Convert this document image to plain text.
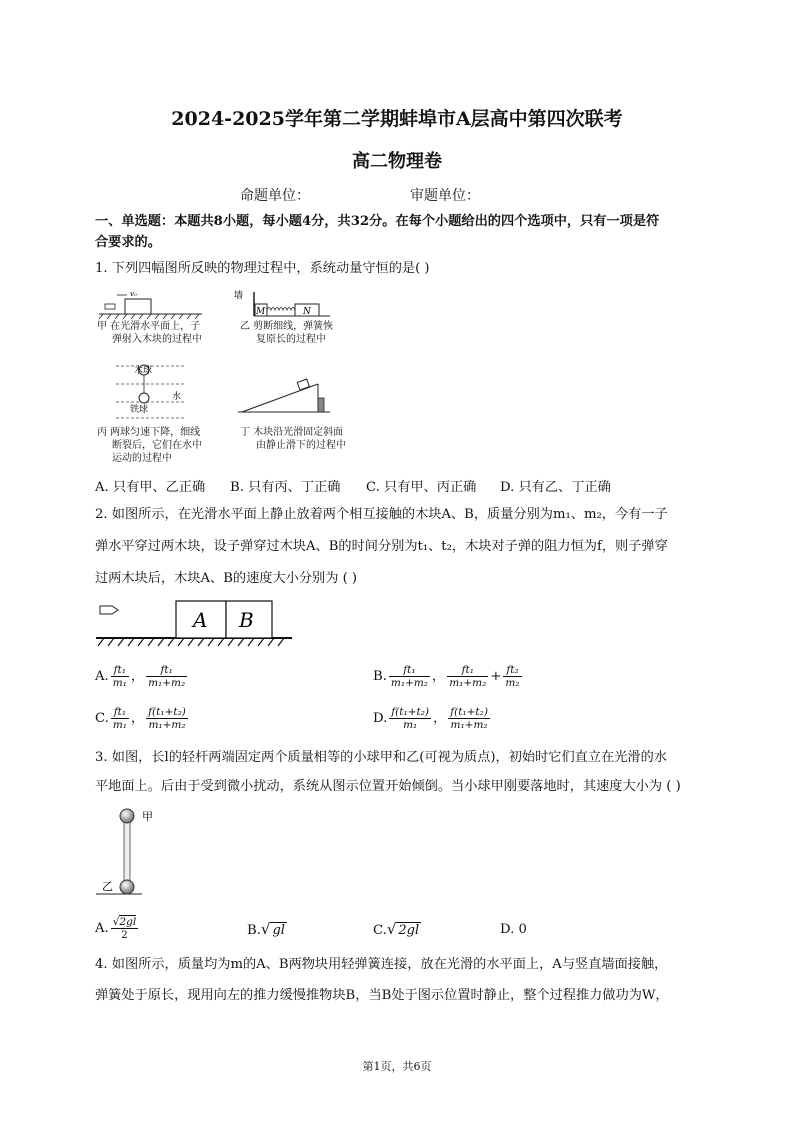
2024-2025学年第二学期蚌埠市A层高中第四次联考
高二物理卷
命题单位：	审题单位：
一、单选题：本题共8小题，每小题4分，共32分。在每个小题给出的四个选项中，只有一项是符
合要求的。
1. 下列四幅图所反映的物理过程中，系统动量守恒的是( )
v₀
甲 在光滑水平面上，子
弹射入木块的过程中
墙
M	N
乙 剪断细线，弹簧恢
复原长的过程中
木球
水
铁球
丙 两球匀速下降，细线
断裂后，它们在水中
运动的过程中
丁 木块沿光滑固定斜面
由静止滑下的过程中
A. 只有甲、乙正确 B. 只有丙、丁正确 C. 只有甲、丙正确 D. 只有乙、丁正确
2. 如图所示，在光滑水平面上静止放着两个相互接触的木块A、B，质量分别为m₁、m₂，今有一子
弹水平穿过两木块，设子弹穿过木块A、B的时间分别为t₁、t₂，木块对子弹的阻力恒为f，则子弹穿
过两木块后，木块A、B的速度大小分别为 ( )
A B
A. $\frac{\text{ft₁}}{\text{m₁}}$ ， $\frac{\text{ft₁}}{\text{m₁+m₂}}$	B. $\frac{\text{ft₁}}{\text{m₁+m₂}}$ ， $\frac{\text{ft₁}}{\text{m₁+m₂}} + \frac{\text{ft₂}}{\text{m₂}}$
C. $\frac{\text{ft₁}}{\text{m₁}}$ ， $\frac{\text{f(t₁+t₂)}}{\text{m₁+m₂}}$	D. $\frac{\text{f(t₁+t₂)}}{\text{m₁}}$ ， $\frac{\text{f(t₁+t₂)}}{\text{m₁+m₂}}$
3. 如图，长l的轻杆两端固定两个质量相等的小球甲和乙(可视为质点)，初始时它们直立在光滑的水
平地面上。后由于受到微小扰动，系统从图示位置开始倾倒。当小球甲刚要落地时，其速度大小为 ( )
甲
乙
A. $\frac{√2gl}{2}$	B.√ gl	C.√ 2gl	D. 0
4. 如图所示，质量均为m的A、B两物块用轻弹簧连接，放在光滑的水平面上，A与竖直墙面接触，
弹簧处于原长，现用向左的推力缓慢推物块B，当B处于图示位置时静止，整个过程推力做功为W，
第1页，共6页
